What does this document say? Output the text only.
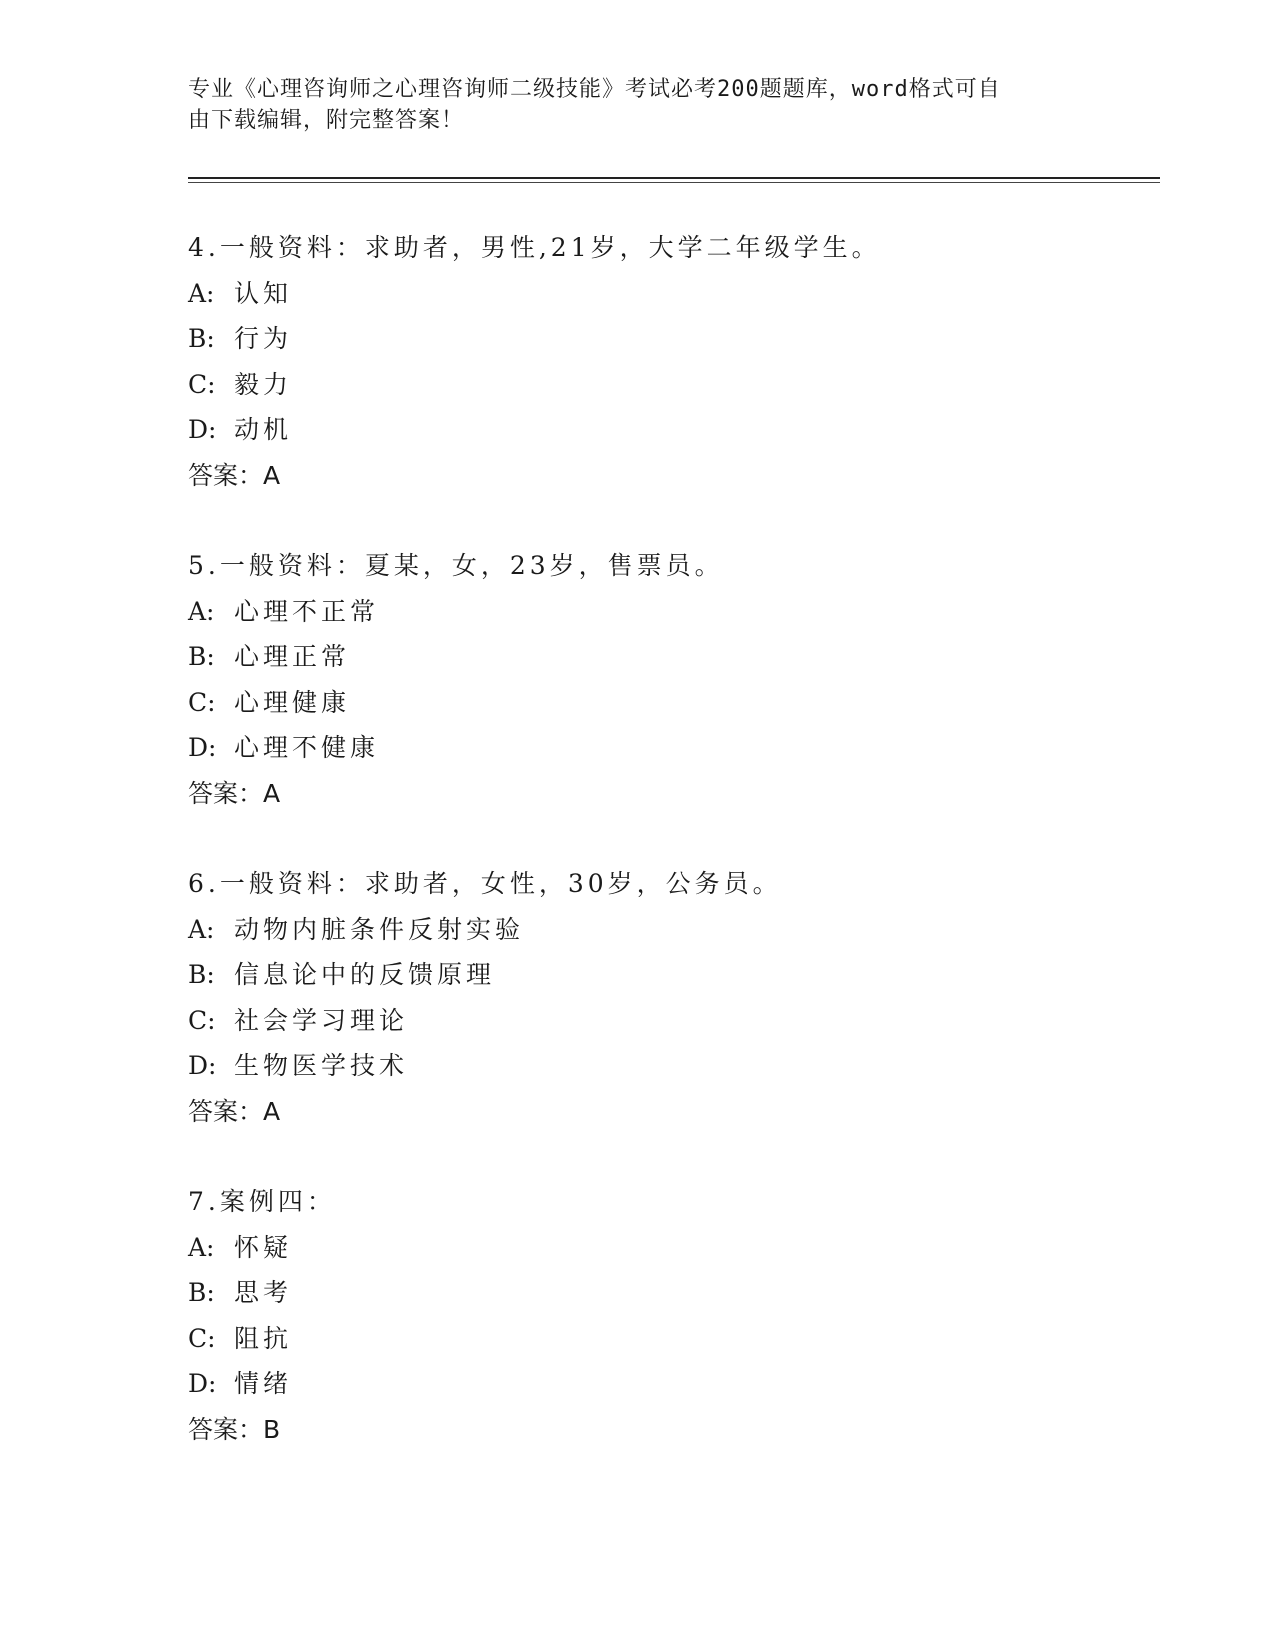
专业《心理咨询师之心理咨询师二级技能》考试必考200题题库，word格式可自
由下载编辑，附完整答案！
4.一般资料：求助者，男性,21岁，大学二年级学生。
A: 认知
B: 行为
C: 毅力
D: 动机
答案：A
5.一般资料：夏某，女，23岁，售票员。
A: 心理不正常
B: 心理正常
C: 心理健康
D: 心理不健康
答案：A
6.一般资料：求助者，女性，30岁，公务员。
A: 动物内脏条件反射实验
B: 信息论中的反馈原理
C: 社会学习理论
D: 生物医学技术
答案：A
7.案例四：
A: 怀疑
B: 思考
C: 阻抗
D: 情绪
答案：B
